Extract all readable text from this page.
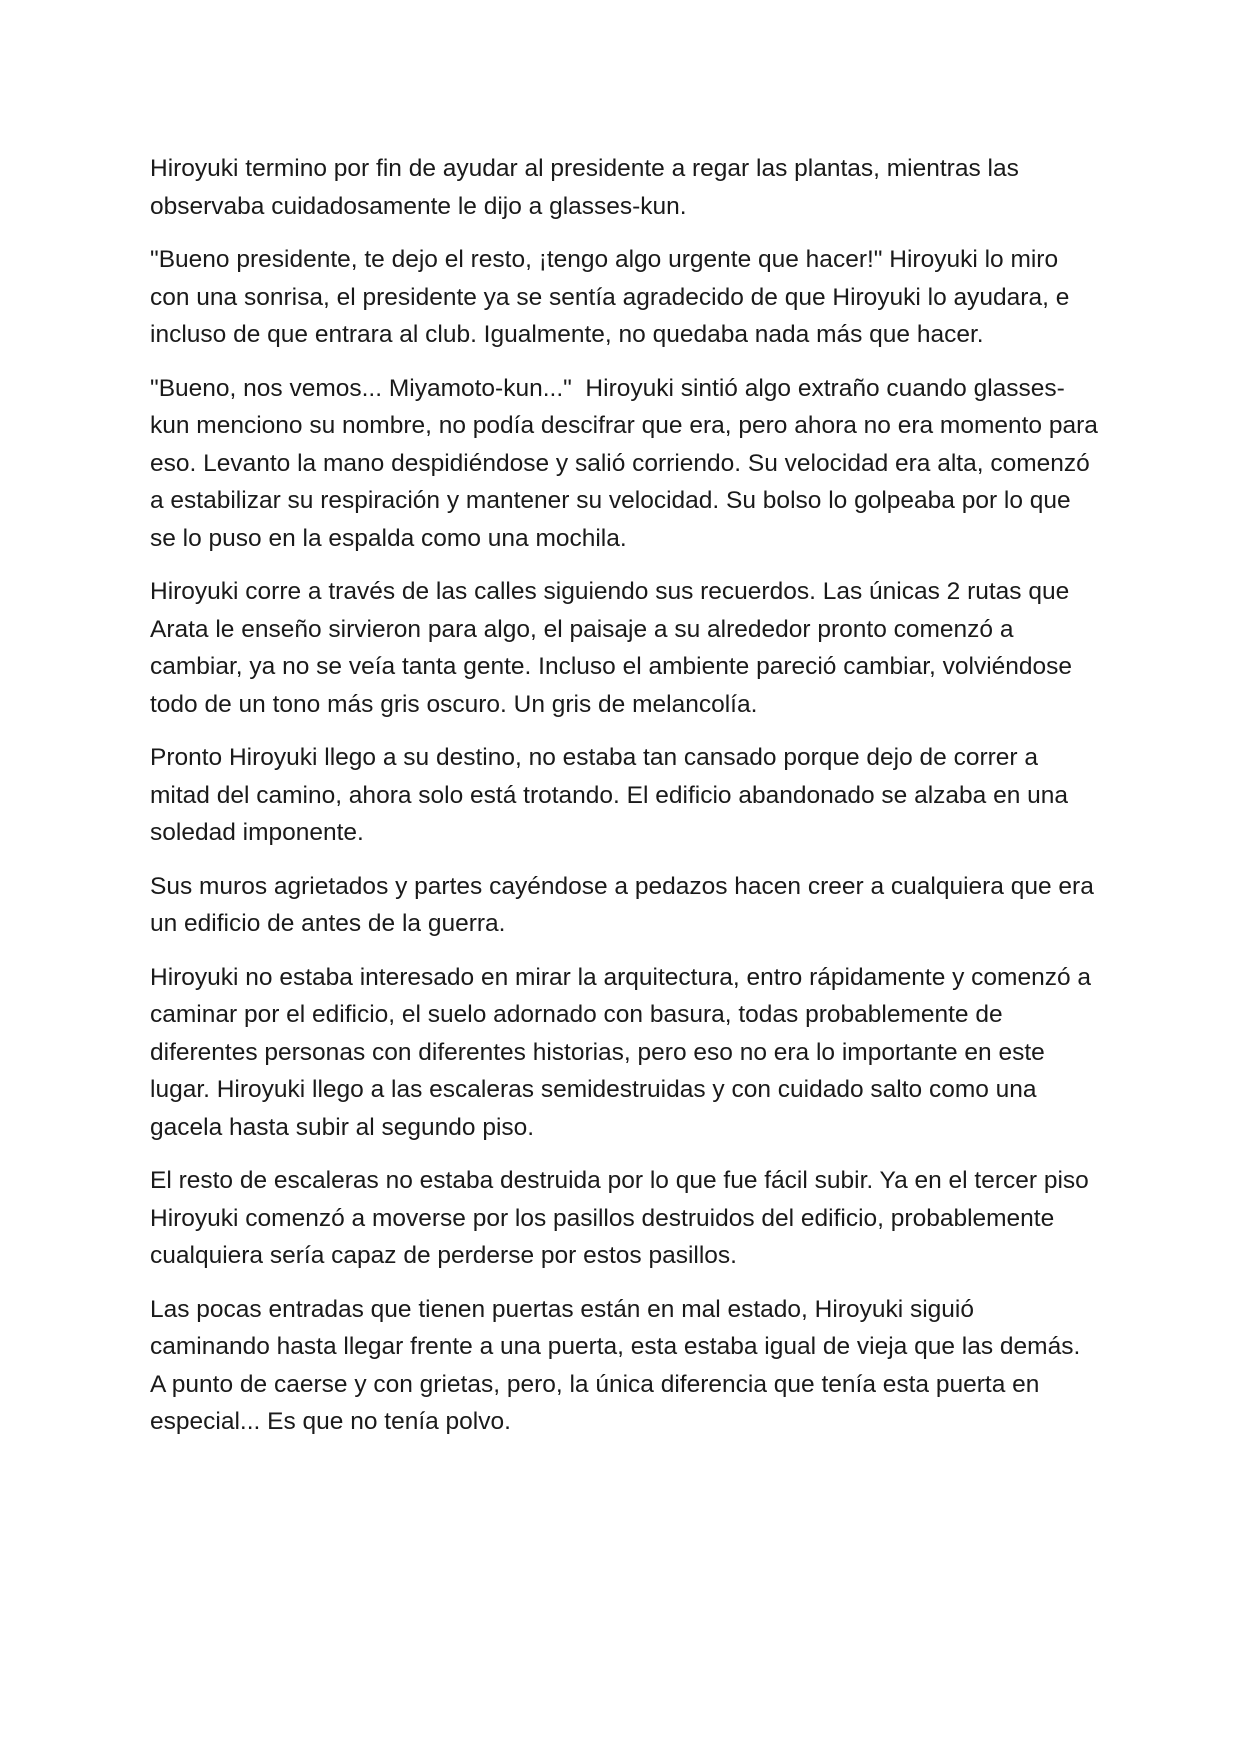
Hiroyuki termino por fin de ayudar al presidente a regar las plantas, mientras las observaba cuidadosamente le dijo a glasses-kun.

"Bueno presidente, te dejo el resto, ¡tengo algo urgente que hacer!" Hiroyuki lo miro con una sonrisa, el presidente ya se sentía agradecido de que Hiroyuki lo ayudara, e incluso de que entrara al club. Igualmente, no quedaba nada más que hacer.

"Bueno, nos vemos... Miyamoto-kun..."  Hiroyuki sintió algo extraño cuando glasses-kun menciono su nombre, no podía descifrar que era, pero ahora no era momento para eso. Levanto la mano despidiéndose y salió corriendo. Su velocidad era alta, comenzó a estabilizar su respiración y mantener su velocidad. Su bolso lo golpeaba por lo que se lo puso en la espalda como una mochila.

Hiroyuki corre a través de las calles siguiendo sus recuerdos. Las únicas 2 rutas que Arata le enseño sirvieron para algo, el paisaje a su alrededor pronto comenzó a cambiar, ya no se veía tanta gente. Incluso el ambiente pareció cambiar, volviéndose todo de un tono más gris oscuro. Un gris de melancolía.

Pronto Hiroyuki llego a su destino, no estaba tan cansado porque dejo de correr a mitad del camino, ahora solo está trotando. El edificio abandonado se alzaba en una soledad imponente.

Sus muros agrietados y partes cayéndose a pedazos hacen creer a cualquiera que era un edificio de antes de la guerra.

Hiroyuki no estaba interesado en mirar la arquitectura, entro rápidamente y comenzó a caminar por el edificio, el suelo adornado con basura, todas probablemente de diferentes personas con diferentes historias, pero eso no era lo importante en este lugar. Hiroyuki llego a las escaleras semidestruidas y con cuidado salto como una gacela hasta subir al segundo piso.

El resto de escaleras no estaba destruida por lo que fue fácil subir. Ya en el tercer piso Hiroyuki comenzó a moverse por los pasillos destruidos del edificio, probablemente cualquiera sería capaz de perderse por estos pasillos.

Las pocas entradas que tienen puertas están en mal estado, Hiroyuki siguió caminando hasta llegar frente a una puerta, esta estaba igual de vieja que las demás. A punto de caerse y con grietas, pero, la única diferencia que tenía esta puerta en especial... Es que no tenía polvo.
